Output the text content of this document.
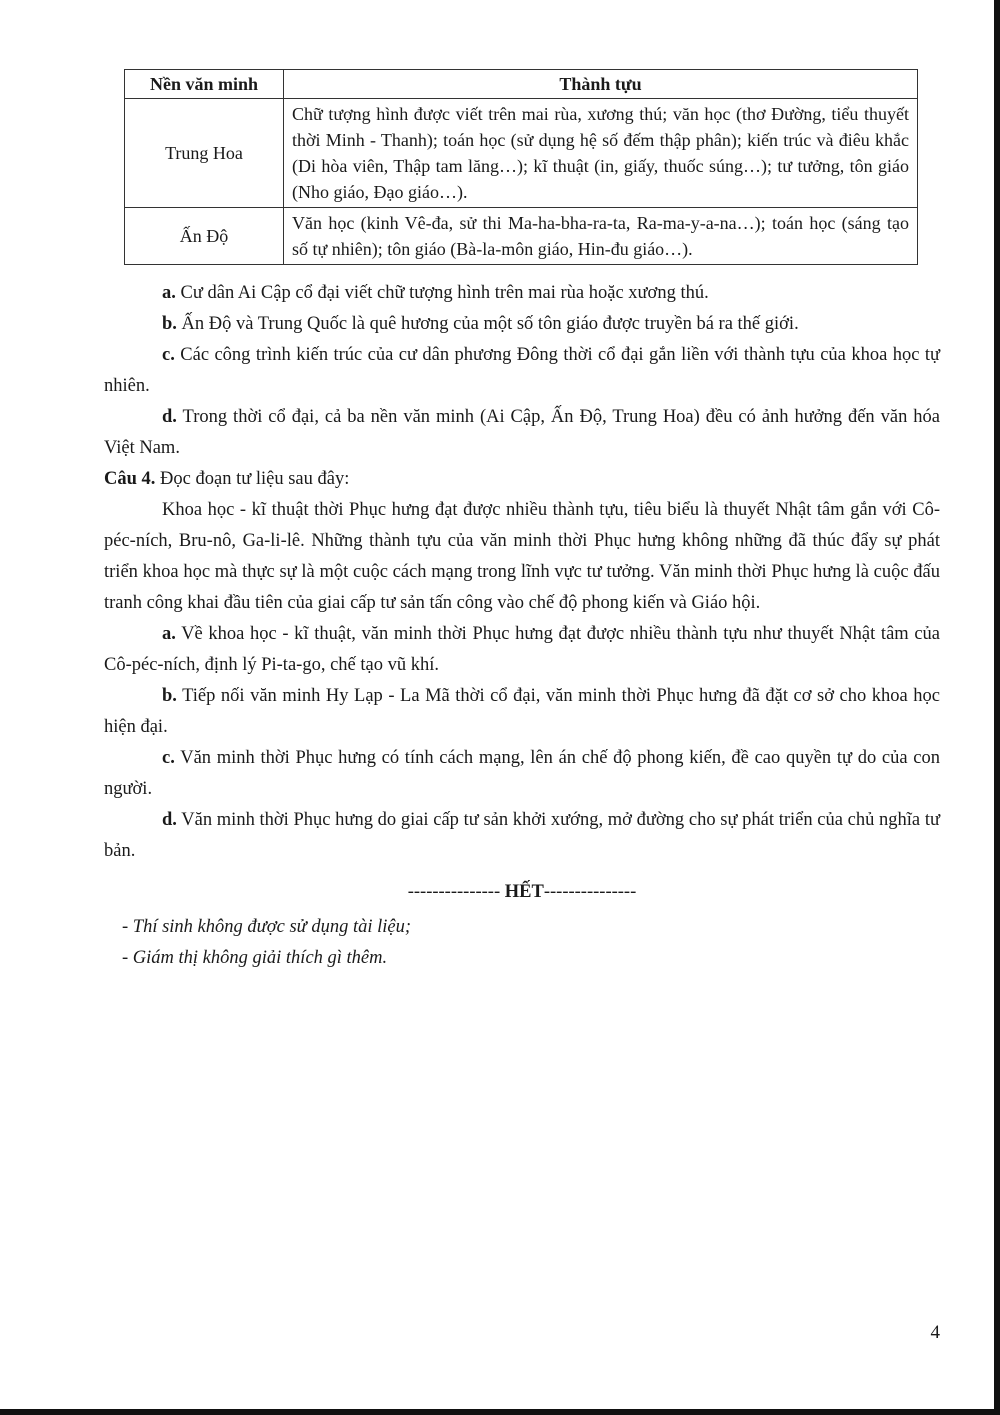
Nền văn minh	Thành tựu
Trung Hoa	Chữ tượng hình được viết trên mai rùa, xương thú; văn học (thơ Đường, tiểu thuyết thời Minh - Thanh); toán học (sử dụng hệ số đếm thập phân); kiến trúc và điêu khắc (Di hòa viên, Thập tam lăng…); kĩ thuật (in, giấy, thuốc súng…); tư tưởng, tôn giáo (Nho giáo, Đạo giáo…).
Ấn Độ	Văn học (kinh Vê-đa, sử thi Ma-ha-bha-ra-ta, Ra-ma-y-a-na…); toán học (sáng tạo số tự nhiên); tôn giáo (Bà-la-môn giáo, Hin-đu giáo…).

a. Cư dân Ai Cập cổ đại viết chữ tượng hình trên mai rùa hoặc xương thú.

b. Ấn Độ và Trung Quốc là quê hương của một số tôn giáo được truyền bá ra thế giới.

c. Các công trình kiến trúc của cư dân phương Đông thời cổ đại gắn liền với thành tựu của khoa học tự nhiên.

d. Trong thời cổ đại, cả ba nền văn minh (Ai Cập, Ấn Độ, Trung Hoa) đều có ảnh hưởng đến văn hóa Việt Nam.

Câu 4. Đọc đoạn tư liệu sau đây:

Khoa học - kĩ thuật thời Phục hưng đạt được nhiều thành tựu, tiêu biểu là thuyết Nhật tâm gắn với Cô-péc-ních, Bru-nô, Ga-li-lê. Những thành tựu của văn minh thời Phục hưng không những đã thúc đẩy sự phát triển khoa học mà thực sự là một cuộc cách mạng trong lĩnh vực tư tưởng. Văn minh thời Phục hưng là cuộc đấu tranh công khai đầu tiên của giai cấp tư sản tấn công vào chế độ phong kiến và Giáo hội.

a. Về khoa học - kĩ thuật, văn minh thời Phục hưng đạt được nhiều thành tựu như thuyết Nhật tâm của Cô-péc-ních, định lý Pi-ta-go, chế tạo vũ khí.

b. Tiếp nối văn minh Hy Lạp - La Mã thời cổ đại, văn minh thời Phục hưng đã đặt cơ sở cho khoa học hiện đại.

c. Văn minh thời Phục hưng có tính cách mạng, lên án chế độ phong kiến, đề cao quyền tự do của con người.

d. Văn minh thời Phục hưng do giai cấp tư sản khởi xướng, mở đường cho sự phát triển của chủ nghĩa tư bản.

--------------- HẾT---------------

- Thí sinh không được sử dụng tài liệu;

- Giám thị không giải thích gì thêm.

4
